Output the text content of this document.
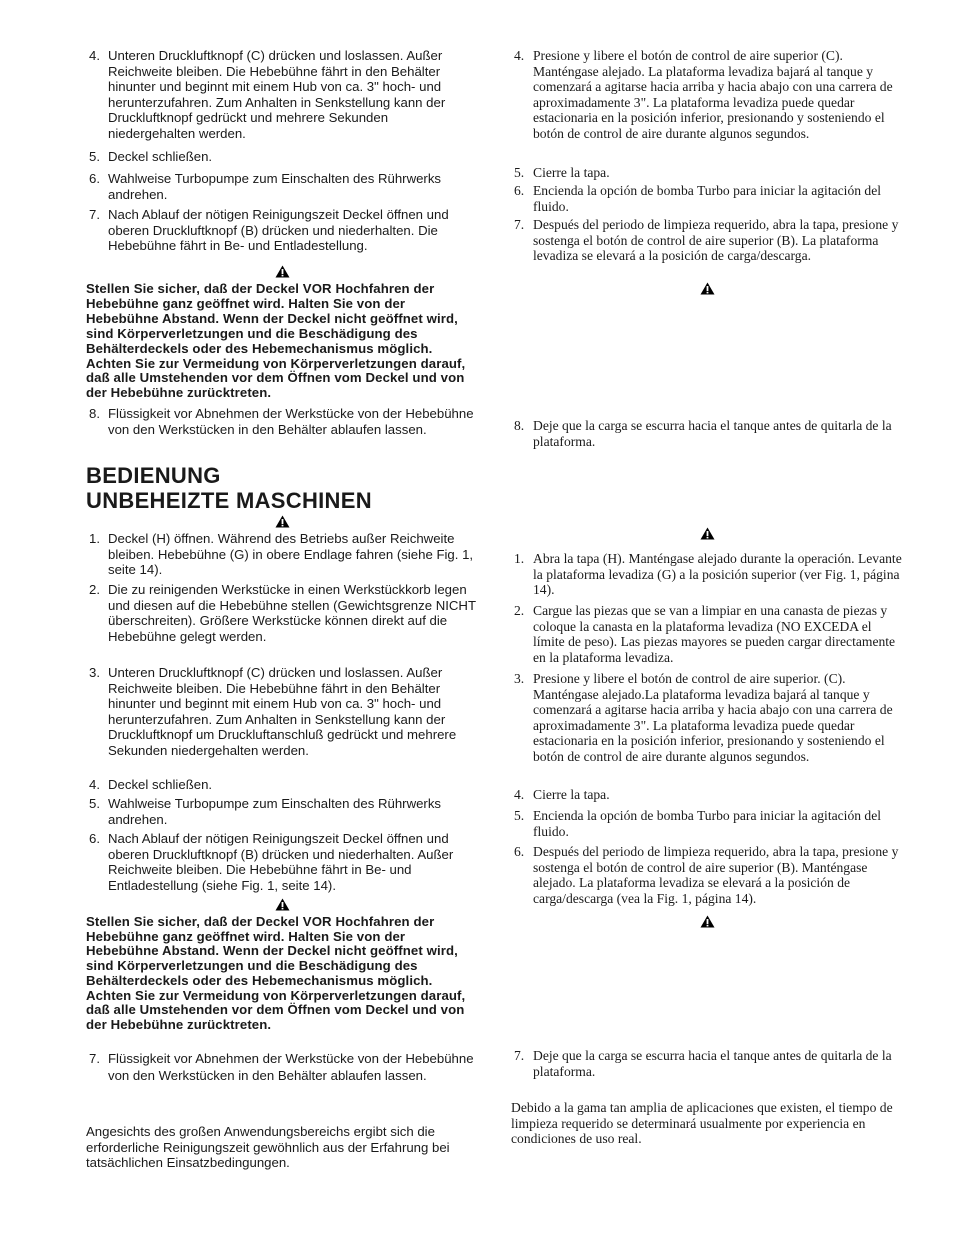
4. Unteren Druckluftknopf (C) drücken und loslassen. Außer Reichweite bleiben. Die Hebebühne fährt in den Behälter hinunter und beginnt mit einem Hub von ca. 3" hoch- und herunterzufahren. Zum Anhalten in Senkstellung kann der Druckluftknopf gedrückt und mehrere Sekunden niedergehalten werden.
5. Deckel schließen.
6. Wahlweise Turbopumpe zum Einschalten des Rührwerks andrehen.
7. Nach Ablauf der nötigen Reinigungszeit Deckel öffnen und oberen Druckluftknopf (B) drücken und niederhalten. Die Hebebühne fährt in Be- und Entladestellung.
Stellen Sie sicher, daß der Deckel VOR Hochfahren der Hebebühne ganz geöffnet wird. Halten Sie von der Hebebühne Abstand. Wenn der Deckel nicht geöffnet wird, sind Körperverletzungen und die Beschädigung des Behälterdeckels oder des Hebemechanismus möglich. Achten Sie zur Vermeidung von Körperverletzungen darauf, daß alle Umstehenden vor dem Öffnen vom Deckel und von der Hebebühne zurücktreten.
8. Flüssigkeit vor Abnehmen der Werkstücke von der Hebebühne von den Werkstücken in den Behälter ablaufen lassen.
BEDIENUNG
UNBEHEIZTE MASCHINEN
1. Deckel (H) öffnen. Während des Betriebs außer Reichweite bleiben. Hebebühne (G) in obere Endlage fahren (siehe Fig. 1, seite 14).
2. Die zu reinigenden Werkstücke in einen Werkstückkorb legen und diesen auf die Hebebühne stellen (Gewichtsgrenze NICHT überschreiten). Größere Werkstücke können direkt auf die Hebebühne gelegt werden.
3. Unteren Druckluftknopf (C) drücken und loslassen. Außer Reichweite bleiben. Die Hebebühne fährt in den Behälter hinunter und beginnt mit einem Hub von ca. 3" hoch- und herunterzufahren. Zum Anhalten in Senkstellung kann der Druckluftknopf um Druckluftanschluß gedrückt und mehrere Sekunden niedergehalten werden.
4. Deckel schließen.
5. Wahlweise Turbopumpe zum Einschalten des Rührwerks andrehen.
6. Nach Ablauf der nötigen Reinigungszeit Deckel öffnen und oberen Druckluftknopf (B) drücken und niederhalten. Außer Reichweite bleiben. Die Hebebühne fährt in Be- und Entladestellung (siehe Fig. 1, seite 14).
Stellen Sie sicher, daß der Deckel VOR Hochfahren der Hebebühne ganz geöffnet wird. Halten Sie von der Hebebühne Abstand. Wenn der Deckel nicht geöffnet wird, sind Körperverletzungen und die Beschädigung des Behälterdeckels oder des Hebemechanismus möglich. Achten Sie zur Vermeidung von Körperverletzungen darauf, daß alle Umstehenden vor dem Öffnen vom Deckel und von der Hebebühne zurücktreten.
7. Flüssigkeit vor Abnehmen der Werkstücke von der Hebebühne von den Werkstücken in den Behälter ablaufen lassen.
Angesichts des großen Anwendungsbereichs ergibt sich die erforderliche Reinigungszeit gewöhnlich aus der Erfahrung bei tatsächlichen Einsatzbedingungen.
4. Presione y libere el botón de control de aire superior (C). Manténgase alejado. La plataforma levadiza bajará al tanque y comenzará a agitarse hacia arriba y hacia abajo con una carrera de aproximadamente 3". La plataforma levadiza puede quedar estacionaria en la posición inferior, presionando y sosteniendo el botón de control de aire durante algunos segundos.
5. Cierre la tapa.
6. Encienda la opción de bomba Turbo para iniciar la agitación del fluido.
7. Después del periodo de limpieza requerido, abra la tapa, presione y sostenga el botón de control de aire superior (B). La plataforma levadiza se elevará a la posición de carga/descarga.
8. Deje que la carga se escurra hacia el tanque antes de quitarla de la plataforma.
1. Abra la tapa (H). Manténgase alejado durante la operación. Levante la plataforma levadiza (G) a la posición superior (ver Fig. 1, página 14).
2. Cargue las piezas que se van a limpiar en una canasta de piezas y coloque la canasta en la plataforma levadiza (NO EXCEDA el límite de peso). Las piezas mayores se pueden cargar directamente en la plataforma levadiza.
3. Presione y libere el botón de control de aire superior. (C). Manténgase alejado.La plataforma levadiza bajará al tanque y comenzará a agitarse hacia arriba y hacia abajo con una carrera de aproximadamente 3". La plataforma levadiza puede quedar estacionaria en la posición inferior, presionando y sosteniendo el botón de control de aire durante algunos segundos.
4. Cierre la tapa.
5. Encienda la opción de bomba Turbo para iniciar la agitación del fluido.
6. Después del periodo de limpieza requerido, abra la tapa, presione y sostenga el botón de control de aire superior (B). Manténgase alejado. La plataforma levadiza se elevará a la posición de carga/descarga (vea la Fig. 1, página 14).
7. Deje que la carga se escurra hacia el tanque antes de quitarla de la plataforma.
Debido a la gama tan amplia de aplicaciones que existen, el tiempo de limpieza requerido se determinará usualmente por experiencia en condiciones de uso real.
